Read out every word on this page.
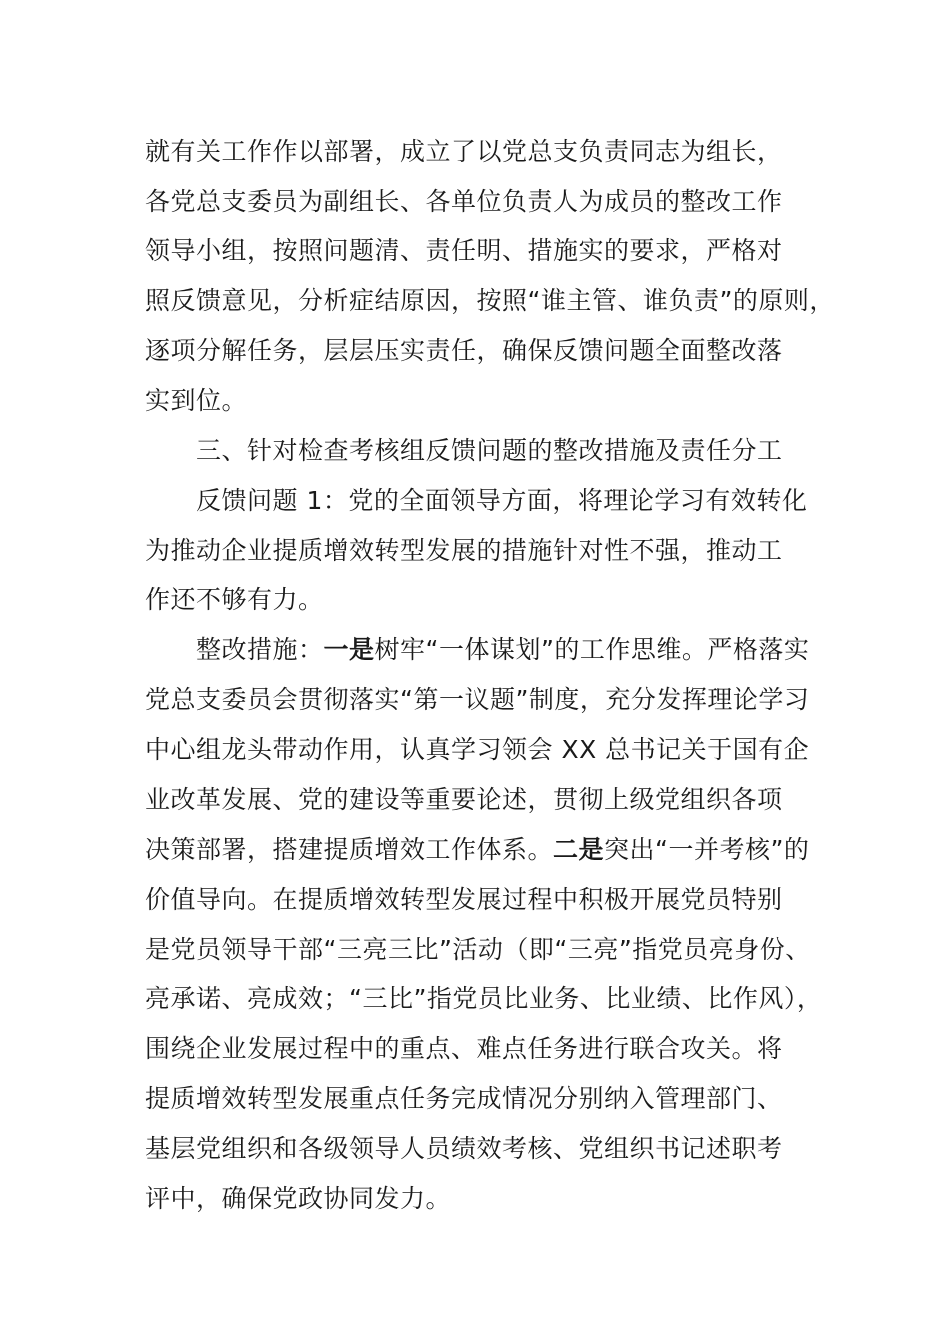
就有关工作作以部署，成立了以党总支负责同志为组长，
各党总支委员为副组长、各单位负责人为成员的整改工作
领导小组，按照问题清、责任明、措施实的要求，严格对
照反馈意见，分析症结原因，按照“谁主管、谁负责”的原则，
逐项分解任务，层层压实责任，确保反馈问题全面整改落
实到位。
三、针对检查考核组反馈问题的整改措施及责任分工
反馈问题 1：党的全面领导方面，将理论学习有效转化
为推动企业提质增效转型发展的措施针对性不强，推动工
作还不够有力。
整改措施：一是树牢“一体谋划”的工作思维。严格落实
党总支委员会贯彻落实“第一议题”制度，充分发挥理论学习
中心组龙头带动作用，认真学习领会 XX 总书记关于国有企
业改革发展、党的建设等重要论述，贯彻上级党组织各项
决策部署，搭建提质增效工作体系。二是突出“一并考核”的
价值导向。在提质增效转型发展过程中积极开展党员特别
是党员领导干部“三亮三比”活动（即“三亮”指党员亮身份、
亮承诺、亮成效；“三比”指党员比业务、比业绩、比作风），
围绕企业发展过程中的重点、难点任务进行联合攻关。将
提质增效转型发展重点任务完成情况分别纳入管理部门、
基层党组织和各级领导人员绩效考核、党组织书记述职考
评中，确保党政协同发力。
